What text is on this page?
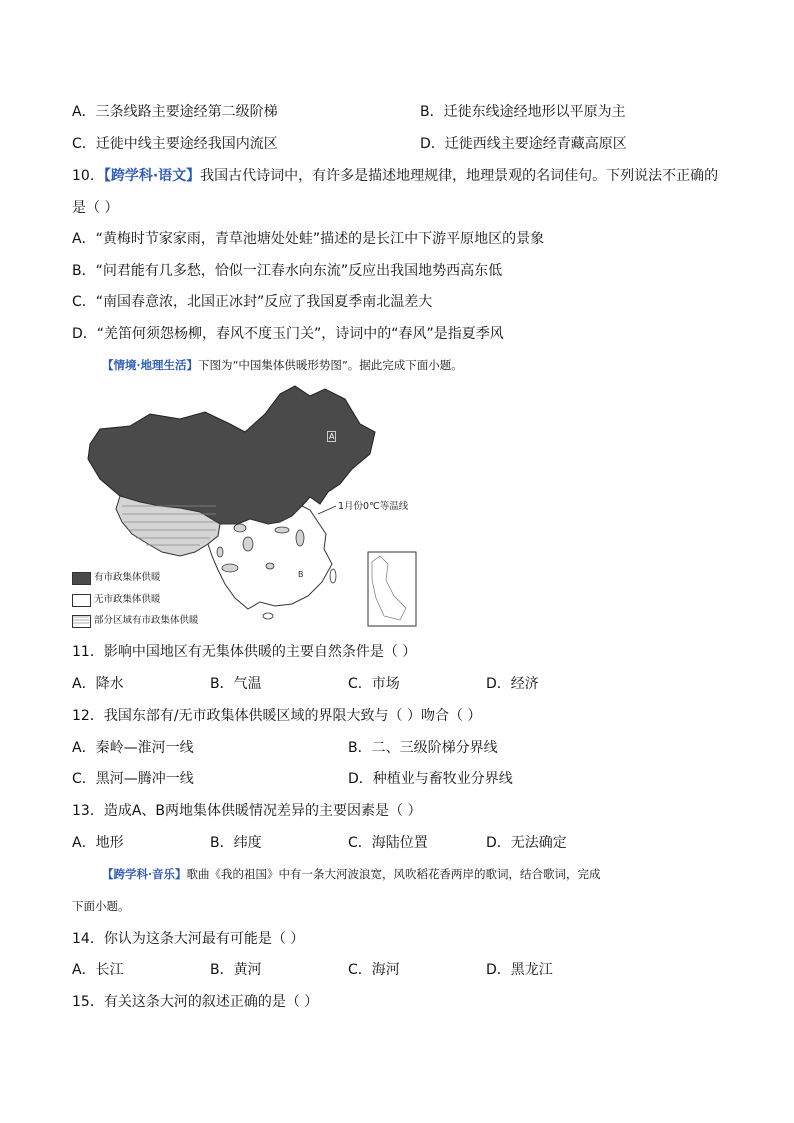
A．三条线路主要途经第二级阶梯	B．迁徙东线途经地形以平原为主
C．迁徙中线主要途经我国内流区	D．迁徙西线主要途经青藏高原区
10．【跨学科·语文】我国古代诗词中，有许多是描述地理规律，地理景观的名词佳句。下列说法不正确的
是（ ）
A．“黄梅时节家家雨，青草池塘处处蛙”描述的是长江中下游平原地区的景象
B．“问君能有几多愁，恰似一江春水向东流”反应出我国地势西高东低
C．“南国春意浓，北国正冰封”反应了我国夏季南北温差大
D．“羌笛何须怨杨柳，春风不度玉门关”，诗词中的“春风”是指夏季风
【情境·地理生活】下图为“中国集体供暖形势图”。据此完成下面小题。
A
B
1月份0℃等温线
有市政集体供暖
无市政集体供暖
部分区域有市政集体供暖
11．影响中国地区有无集体供暖的主要自然条件是（ ）
A．降水	B．气温	C．市场	D．经济
12．我国东部有/无市政集体供暖区域的界限大致与（ ）吻合（ ）
A．秦岭—淮河一线	B．二、三级阶梯分界线
C．黑河—腾冲一线	D．种植业与畜牧业分界线
13．造成A、B两地集体供暖情况差异的主要因素是（ ）
A．地形	B．纬度	C．海陆位置	D．无法确定
【跨学科·音乐】歌曲《我的祖国》中有一条大河波浪宽，风吹稻花香两岸的歌词，结合歌词，完成
下面小题。
14．你认为这条大河最有可能是（ ）
A．长江	B．黄河	C．海河	D．黑龙江
15．有关这条大河的叙述正确的是（ ）
